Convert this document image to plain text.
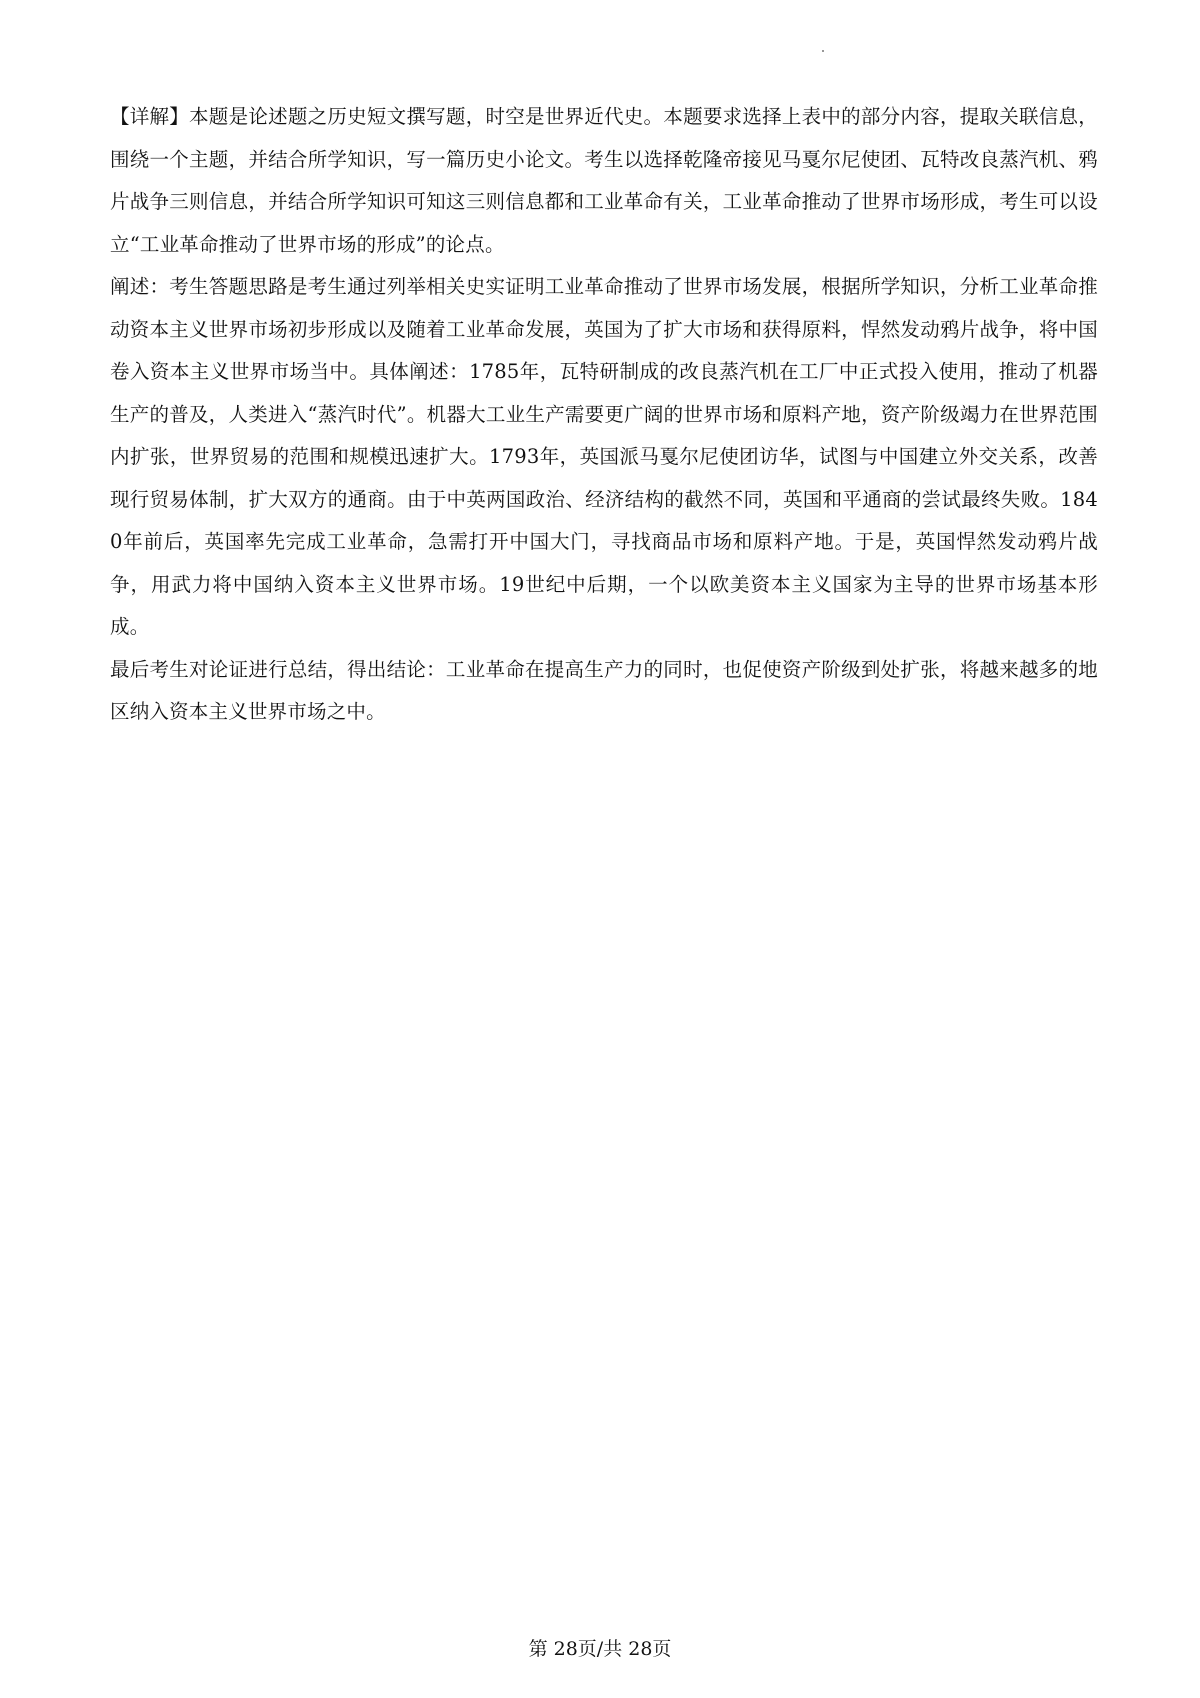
【详解】本题是论述题之历史短文撰写题，时空是世界近代史。本题要求选择上表中的部分内容，提取关联信息，围绕一个主题，并结合所学知识，写一篇历史小论文。考生以选择乾隆帝接见马戛尔尼使团、瓦特改良蒸汽机、鸦片战争三则信息，并结合所学知识可知这三则信息都和工业革命有关，工业革命推动了世界市场形成，考生可以设立“工业革命推动了世界市场的形成”的论点。

阐述：考生答题思路是考生通过列举相关史实证明工业革命推动了世界市场发展，根据所学知识，分析工业革命推动资本主义世界市场初步形成以及随着工业革命发展，英国为了扩大市场和获得原料，悍然发动鸦片战争，将中国卷入资本主义世界市场当中。具体阐述：1785年，瓦特研制成的改良蒸汽机在工厂中正式投入使用，推动了机器生产的普及，人类进入“蒸汽时代”。机器大工业生产需要更广阔的世界市场和原料产地，资产阶级竭力在世界范围内扩张，世界贸易的范围和规模迅速扩大。1793年，英国派马戛尔尼使团访华，试图与中国建立外交关系，改善现行贸易体制，扩大双方的通商。由于中英两国政治、经济结构的截然不同，英国和平通商的尝试最终失败。1840年前后，英国率先完成工业革命，急需打开中国大门，寻找商品市场和原料产地。于是，英国悍然发动鸦片战争，用武力将中国纳入资本主义世界市场。19世纪中后期，一个以欧美资本主义国家为主导的世界市场基本形成。

最后考生对论证进行总结，得出结论：工业革命在提高生产力的同时，也促使资产阶级到处扩张，将越来越多的地区纳入资本主义世界市场之中。

第 28页/共 28页
